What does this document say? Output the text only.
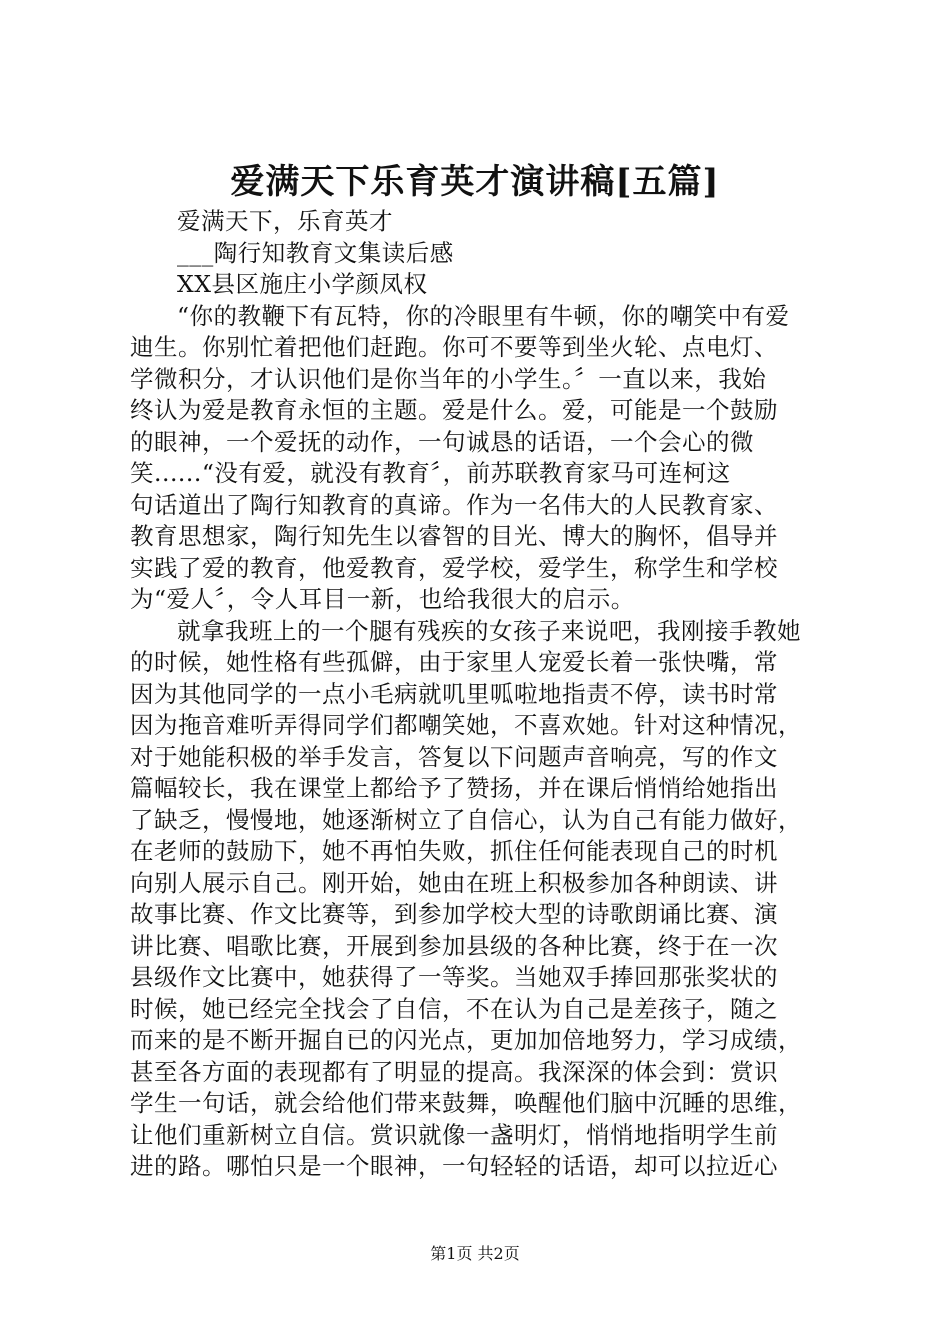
爱满天下乐育英才演讲稿[五篇]
爱满天下，乐育英才
___陶行知教育文集读后感
XX县区施庄小学颜凤权
“你的教鞭下有瓦特，你的冷眼里有牛顿，你的嘲笑中有爱
迪生。你别忙着把他们赶跑。你可不要等到坐火轮、点电灯、
学微积分，才认识他们是你当年的小学生。〞一直以来，我始
终认为爱是教育永恒的主题。爱是什么。爱，可能是一个鼓励
的眼神，一个爱抚的动作，一句诚恳的话语，一个会心的微
笑......“没有爱，就没有教育〞，前苏联教育家马可连柯这
句话道出了陶行知教育的真谛。作为一名伟大的人民教育家、
教育思想家，陶行知先生以睿智的目光、博大的胸怀，倡导并
实践了爱的教育，他爱教育，爱学校，爱学生，称学生和学校
为“爱人〞，令人耳目一新，也给我很大的启示。
就拿我班上的一个腿有残疾的女孩子来说吧，我刚接手教她
的时候，她性格有些孤僻，由于家里人宠爱长着一张快嘴，常
因为其他同学的一点小毛病就叽里呱啦地指责不停，读书时常
因为拖音难听弄得同学们都嘲笑她，不喜欢她。针对这种情况，
对于她能积极的举手发言，答复以下问题声音响亮，写的作文
篇幅较长，我在课堂上都给予了赞扬，并在课后悄悄给她指出
了缺乏，慢慢地，她逐渐树立了自信心，认为自己有能力做好，
在老师的鼓励下，她不再怕失败，抓住任何能表现自己的时机
向别人展示自己。刚开始，她由在班上积极参加各种朗读、讲
故事比赛、作文比赛等，到参加学校大型的诗歌朗诵比赛、演
讲比赛、唱歌比赛，开展到参加县级的各种比赛，终于在一次
县级作文比赛中，她获得了一等奖。当她双手捧回那张奖状的
时候，她已经完全找会了自信，不在认为自己是差孩子，随之
而来的是不断开掘自已的闪光点，更加加倍地努力，学习成绩，
甚至各方面的表现都有了明显的提高。我深深的体会到：赏识
学生一句话，就会给他们带来鼓舞，唤醒他们脑中沉睡的思维，
让他们重新树立自信。赏识就像一盏明灯，悄悄地指明学生前
进的路。哪怕只是一个眼神，一句轻轻的话语，却可以拉近心
第1页 共2页
